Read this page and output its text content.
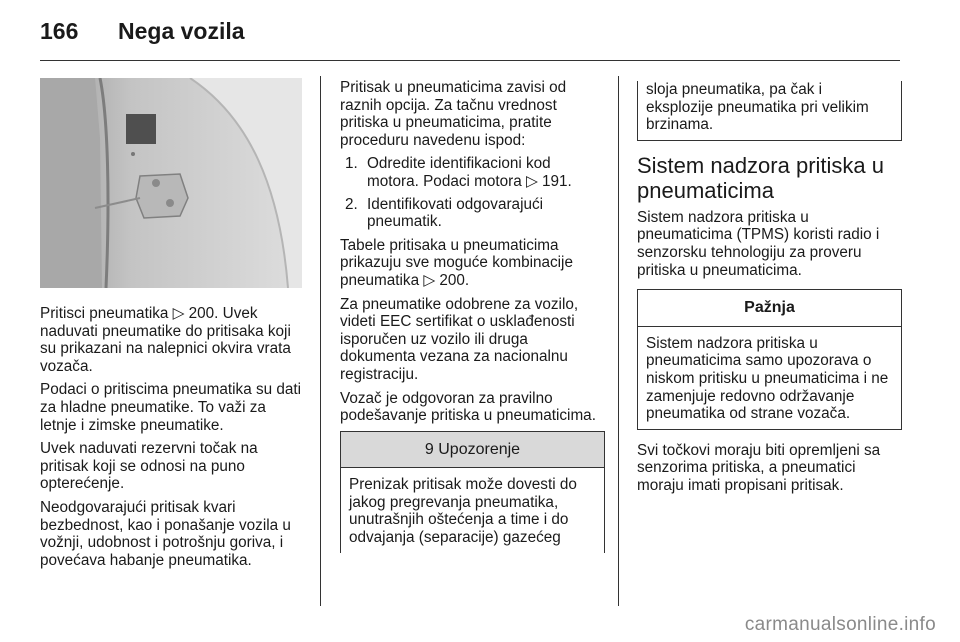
166	Nega vozila

Pritisci pneumatika ▷ 200. Uvek naduvati pneumatike do pritisaka koji su prikazani na nalepnici okvira vrata vozača.

Podaci o pritiscima pneumatika su dati za hladne pneumatike. To važi za letnje i zimske pneumatike.

Uvek naduvati rezervni točak na pritisak koji se odnosi na puno opterećenje.

Neodgovarajući pritisak kvari bezbednost, kao i ponašanje vozila u vožnji, udobnost i potrošnju goriva, i povećava habanje pneumatika.

Pritisak u pneumaticima zavisi od raznih opcija. Za tačnu vrednost pritiska u pneumaticima, pratite proceduru navedenu ispod:

1. Odredite identifikacioni kod motora. Podaci motora ▷ 191.
2. Identifikovati odgovarajući pneumatik.

Tabele pritisaka u pneumaticima prikazuju sve moguće kombinacije pneumatika ▷ 200.

Za pneumatike odobrene za vozilo, videti EEC sertifikat o usklađenosti isporučen uz vozilo ili druga dokumenta vezana za nacionalnu registraciju.

Vozač je odgovoran za pravilno podešavanje pritiska u pneumaticima.

9 Upozorenje
Prenizak pritisak može dovesti do jakog pregrevanja pneumatika, unutrašnjih oštećenja a time i do odvajanja (separacije) gazećeg
sloja pneumatika, pa čak i eksplozije pneumatika pri velikim brzinama.
Sistem nadzora pritiska u pneumaticima

Sistem nadzora pritiska u pneumaticima (TPMS) koristi radio i senzorsku tehnologiju za proveru pritiska u pneumaticima.

Pažnja
Sistem nadzora pritiska u pneumaticima samo upozorava o niskom pritisku u pneumaticima i ne zamenjuje redovno održavanje pneumatika od strane vozača.

Svi točkovi moraju biti opremljeni sa senzorima pritiska, a pneumatici moraju imati propisani pritisak.

carmanualsonline.info
